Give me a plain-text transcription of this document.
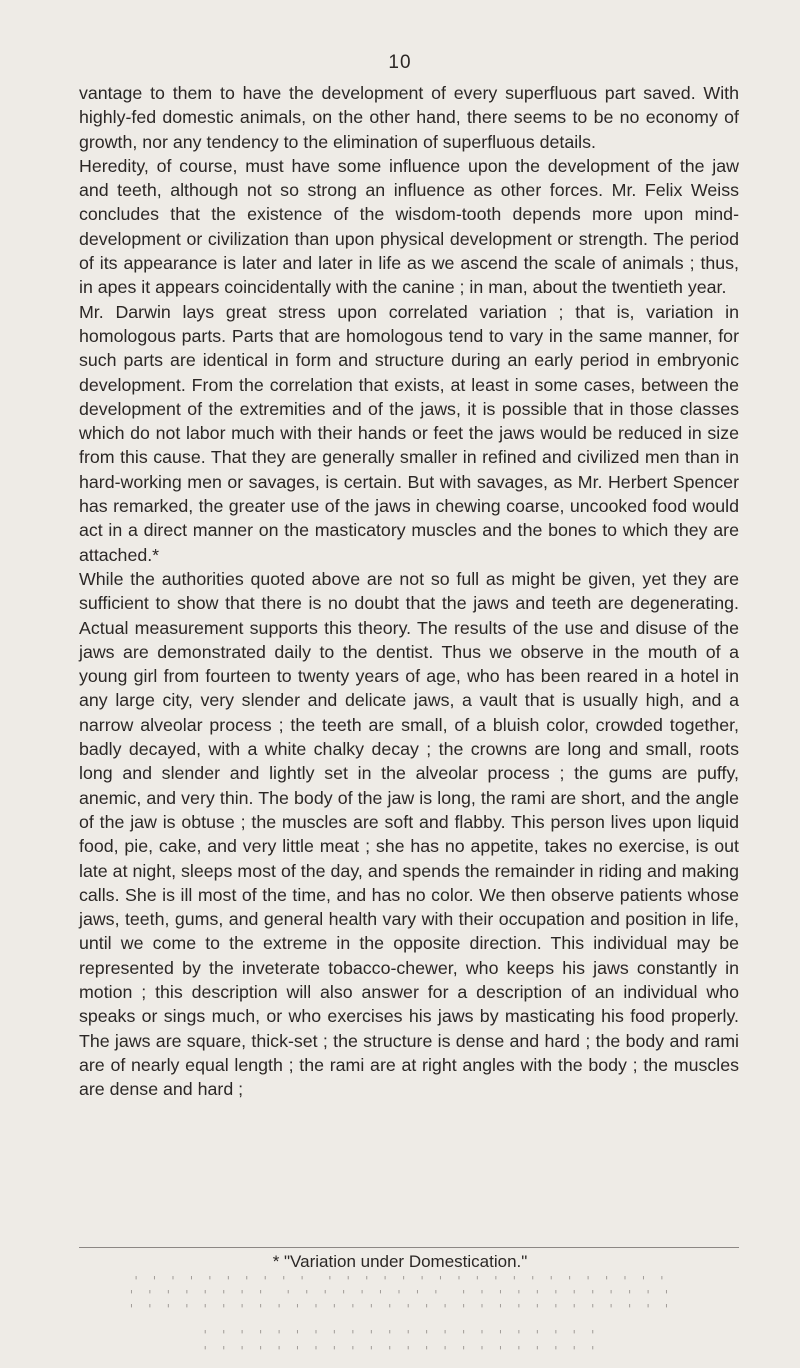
10

vantage to them to have the development of every superfluous part saved. With highly-fed domestic animals, on the other hand, there seems to be no economy of growth, nor any tendency to the elimination of superfluous details.

Heredity, of course, must have some influence upon the development of the jaw and teeth, although not so strong an influence as other forces. Mr. Felix Weiss concludes that the existence of the wisdom-tooth depends more upon mind-development or civilization than upon physical development or strength. The period of its appearance is later and later in life as we ascend the scale of animals ; thus, in apes it appears coincidentally with the canine ; in man, about the twentieth year.

Mr. Darwin lays great stress upon correlated variation ; that is, variation in homologous parts. Parts that are homologous tend to vary in the same manner, for such parts are identical in form and structure during an early period in embryonic development. From the correlation that exists, at least in some cases, between the development of the extremities and of the jaws, it is possible that in those classes which do not labor much with their hands or feet the jaws would be reduced in size from this cause. That they are generally smaller in refined and civilized men than in hard-working men or savages, is certain. But with savages, as Mr. Herbert Spencer has remarked, the greater use of the jaws in chewing coarse, uncooked food would act in a direct manner on the masticatory muscles and the bones to which they are attached.*

While the authorities quoted above are not so full as might be given, yet they are sufficient to show that there is no doubt that the jaws and teeth are degenerating. Actual measurement supports this theory. The results of the use and disuse of the jaws are demonstrated daily to the dentist. Thus we observe in the mouth of a young girl from fourteen to twenty years of age, who has been reared in a hotel in any large city, very slender and delicate jaws, a vault that is usually high, and a narrow alveolar process ; the teeth are small, of a bluish color, crowded together, badly decayed, with a white chalky decay ; the crowns are long and small, roots long and slender and lightly set in the alveolar process ; the gums are puffy, anemic, and very thin. The body of the jaw is long, the rami are short, and the angle of the jaw is obtuse ; the muscles are soft and flabby. This person lives upon liquid food, pie, cake, and very little meat ; she has no appetite, takes no exercise, is out late at night, sleeps most of the day, and spends the remainder in riding and making calls. She is ill most of the time, and has no color. We then observe patients whose jaws, teeth, gums, and general health vary with their occupation and position in life, until we come to the extreme in the opposite direction. This individual may be represented by the inveterate tobacco-chewer, who keeps his jaws constantly in motion ; this description will also answer for a description of an individual who speaks or sings much, or who exercises his jaws by masticating his food properly. The jaws are square, thick-set ; the structure is dense and hard ; the body and rami are of nearly equal length ; the rami are at right angles with the body ; the muscles are dense and hard ;

* "Variation under Domestication."
' ' ' ' ' ' ' ' ' '  ' ' ' ' ' ' ' ' ' ' ' ' ' ' ' ' ' ' '
' ' ' ' ' ' ' '  ' ' ' ' ' ' ' ' '  ' ' ' ' ' ' ' ' ' ' ' '
' ' ' ' ' ' ' ' ' ' ' ' ' ' ' ' ' ' ' ' ' ' ' ' ' ' ' ' ' '
' ' ' ' ' ' ' ' ' ' ' ' ' ' ' ' ' ' ' ' ' '
' ' ' ' ' ' ' ' ' ' ' ' ' ' ' ' ' ' ' ' ' '
